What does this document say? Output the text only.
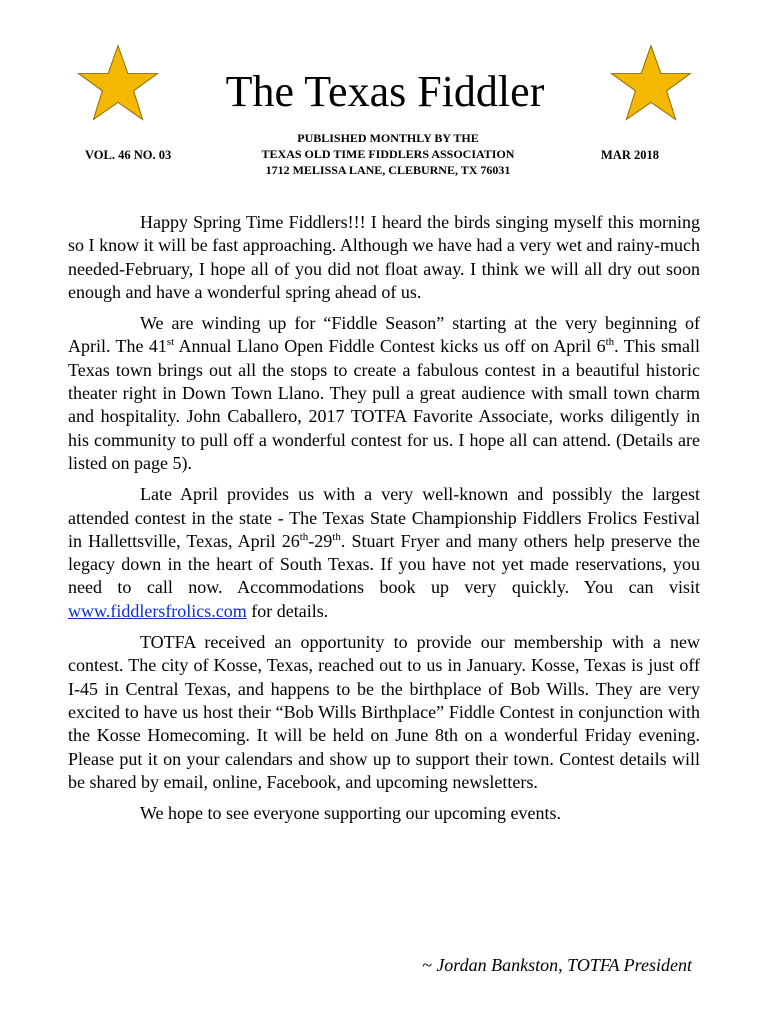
The Texas Fiddler
VOL. 46 NO. 03
PUBLISHED MONTHLY BY THE
TEXAS OLD TIME FIDDLERS ASSOCIATION
1712 MELISSA LANE, CLEBURNE, TX 76031
MAR 2018

Happy Spring Time Fiddlers!!! I heard the birds singing myself this morning so I know it will be fast approaching. Although we have had a very wet and rainy-much needed-February, I hope all of you did not float away. I think we will all dry out soon enough and have a wonderful spring ahead of us.

We are winding up for “Fiddle Season” starting at the very beginning of April. The 41st Annual Llano Open Fiddle Contest kicks us off on April 6th. This small Texas town brings out all the stops to create a fabulous contest in a beautiful historic theater right in Down Town Llano. They pull a great audience with small town charm and hospitality. John Caballero, 2017 TOTFA Favorite Associate, works diligently in his community to pull off a wonderful contest for us. I hope all can attend. (Details are listed on page 5).

Late April provides us with a very well-known and possibly the largest attended contest in the state - The Texas State Championship Fiddlers Frolics Festival in Hallettsville, Texas, April 26th-29th. Stuart Fryer and many others help preserve the legacy down in the heart of South Texas. If you have not yet made reservations, you need to call now. Accommodations book up very quickly. You can visit www.fiddlersfrolics.com for details.

TOTFA received an opportunity to provide our membership with a new contest. The city of Kosse, Texas, reached out to us in January. Kosse, Texas is just off I-45 in Central Texas, and happens to be the birthplace of Bob Wills. They are very excited to have us host their “Bob Wills Birthplace” Fiddle Contest in conjunction with the Kosse Homecoming. It will be held on June 8th on a wonderful Friday evening. Please put it on your calendars and show up to support their town. Contest details will be shared by email, online, Facebook, and upcoming newsletters.

We hope to see everyone supporting our upcoming events.

~ Jordan Bankston, TOTFA President
